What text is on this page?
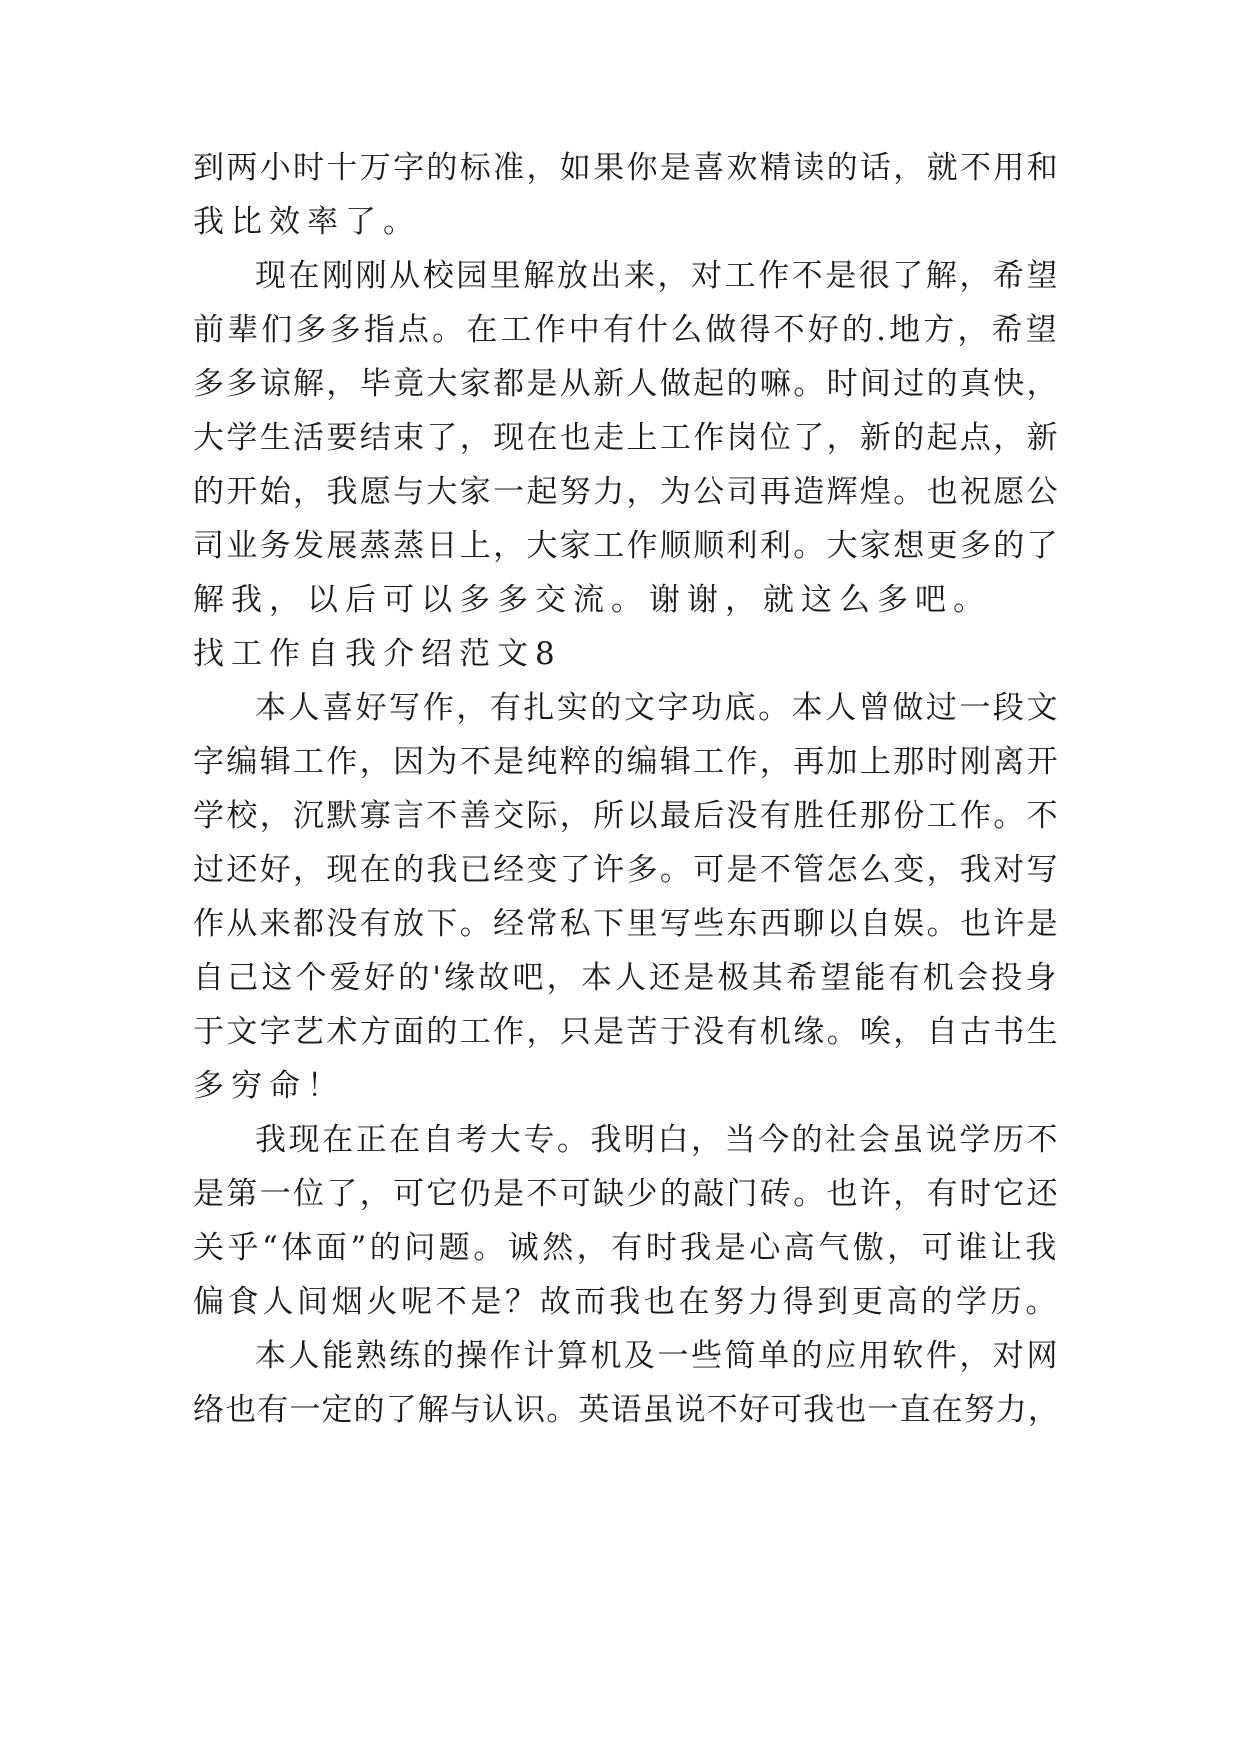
到两小时十万字的标准，如果你是喜欢精读的话，就不用和
我比效率了。
现在刚刚从校园里解放出来，对工作不是很了解，希望
前辈们多多指点。在工作中有什么做得不好的.地方，希望
多多谅解，毕竟大家都是从新人做起的嘛。时间过的真快，
大学生活要结束了，现在也走上工作岗位了，新的起点，新
的开始，我愿与大家一起努力，为公司再造辉煌。也祝愿公
司业务发展蒸蒸日上，大家工作顺顺利利。大家想更多的了
解我，以后可以多多交流。谢谢，就这么多吧。
找工作自我介绍范文8
本人喜好写作，有扎实的文字功底。本人曾做过一段文
字编辑工作，因为不是纯粹的编辑工作，再加上那时刚离开
学校，沉默寡言不善交际，所以最后没有胜任那份工作。不
过还好，现在的我已经变了许多。可是不管怎么变，我对写
作从来都没有放下。经常私下里写些东西聊以自娱。也许是
自己这个爱好的'缘故吧，本人还是极其希望能有机会投身
于文字艺术方面的工作，只是苦于没有机缘。唉，自古书生
多穷命！
我现在正在自考大专。我明白，当今的社会虽说学历不
是第一位了，可它仍是不可缺少的敲门砖。也许，有时它还
关乎“体面”的问题。诚然，有时我是心高气傲，可谁让我
偏食人间烟火呢不是？故而我也在努力得到更高的学历。
本人能熟练的操作计算机及一些简单的应用软件，对网
络也有一定的了解与认识。英语虽说不好可我也一直在努力，
